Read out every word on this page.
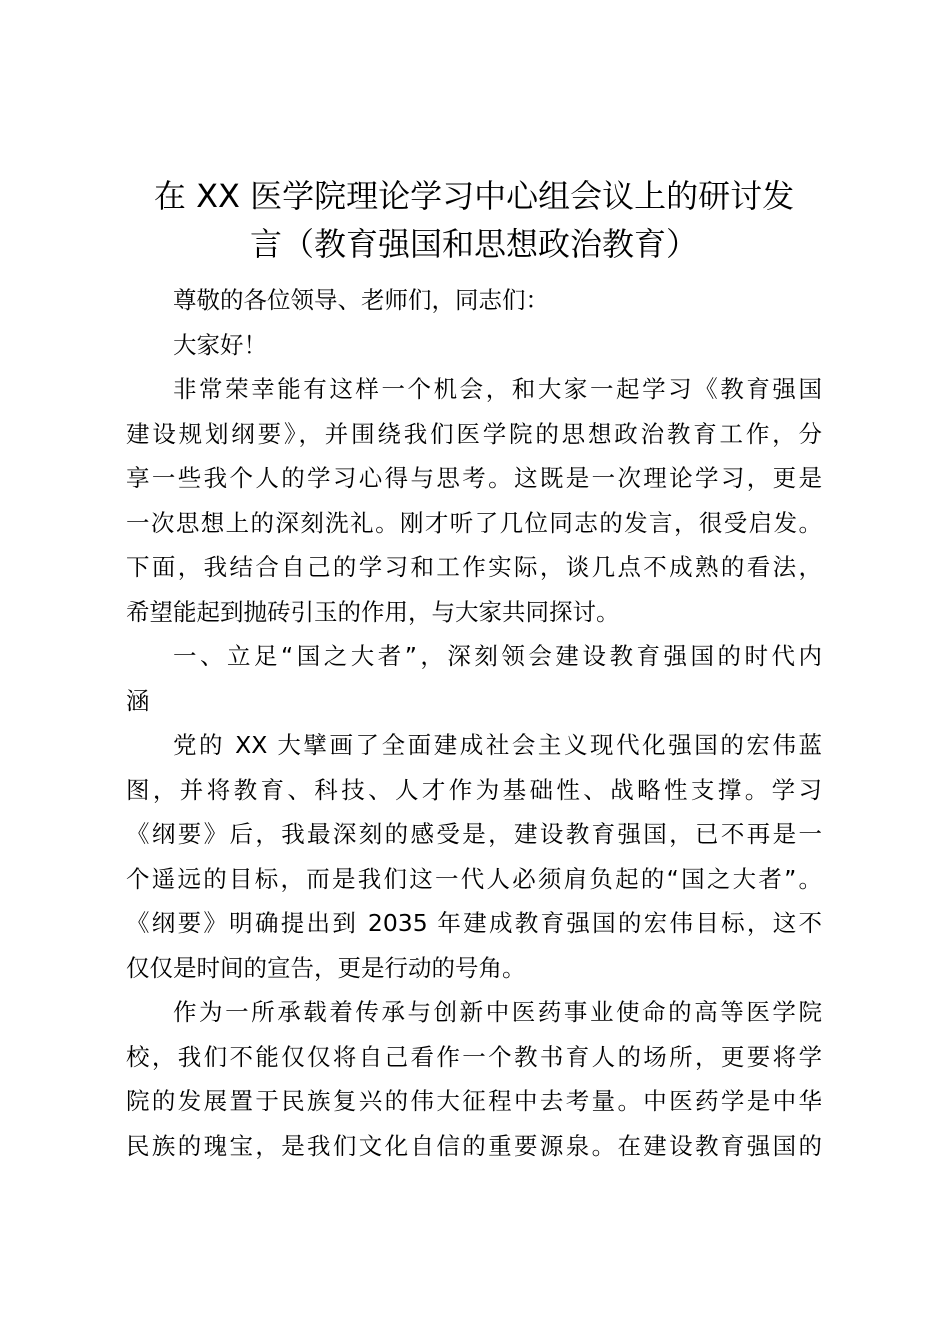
在 XX 医学院理论学习中心组会议上的研讨发
言（教育强国和思想政治教育）

尊敬的各位领导、老师们，同志们：

大家好！

非常荣幸能有这样一个机会，和大家一起学习《教育强国
建设规划纲要》，并围绕我们医学院的思想政治教育工作，分
享一些我个人的学习心得与思考。这既是一次理论学习，更是
一次思想上的深刻洗礼。刚才听了几位同志的发言，很受启发。
下面，我结合自己的学习和工作实际，谈几点不成熟的看法，
希望能起到抛砖引玉的作用，与大家共同探讨。

一、立足“国之大者”，深刻领会建设教育强国的时代内
涵

党的 XX 大擘画了全面建成社会主义现代化强国的宏伟蓝
图，并将教育、科技、人才作为基础性、战略性支撑。学习
《纲要》后，我最深刻的感受是，建设教育强国，已不再是一
个遥远的目标，而是我们这一代人必须肩负起的“国之大者”。
《纲要》明确提出到 2035 年建成教育强国的宏伟目标，这不
仅仅是时间的宣告，更是行动的号角。

作为一所承载着传承与创新中医药事业使命的高等医学院
校，我们不能仅仅将自己看作一个教书育人的场所，更要将学
院的发展置于民族复兴的伟大征程中去考量。中医药学是中华
民族的瑰宝，是我们文化自信的重要源泉。在建设教育强国的
